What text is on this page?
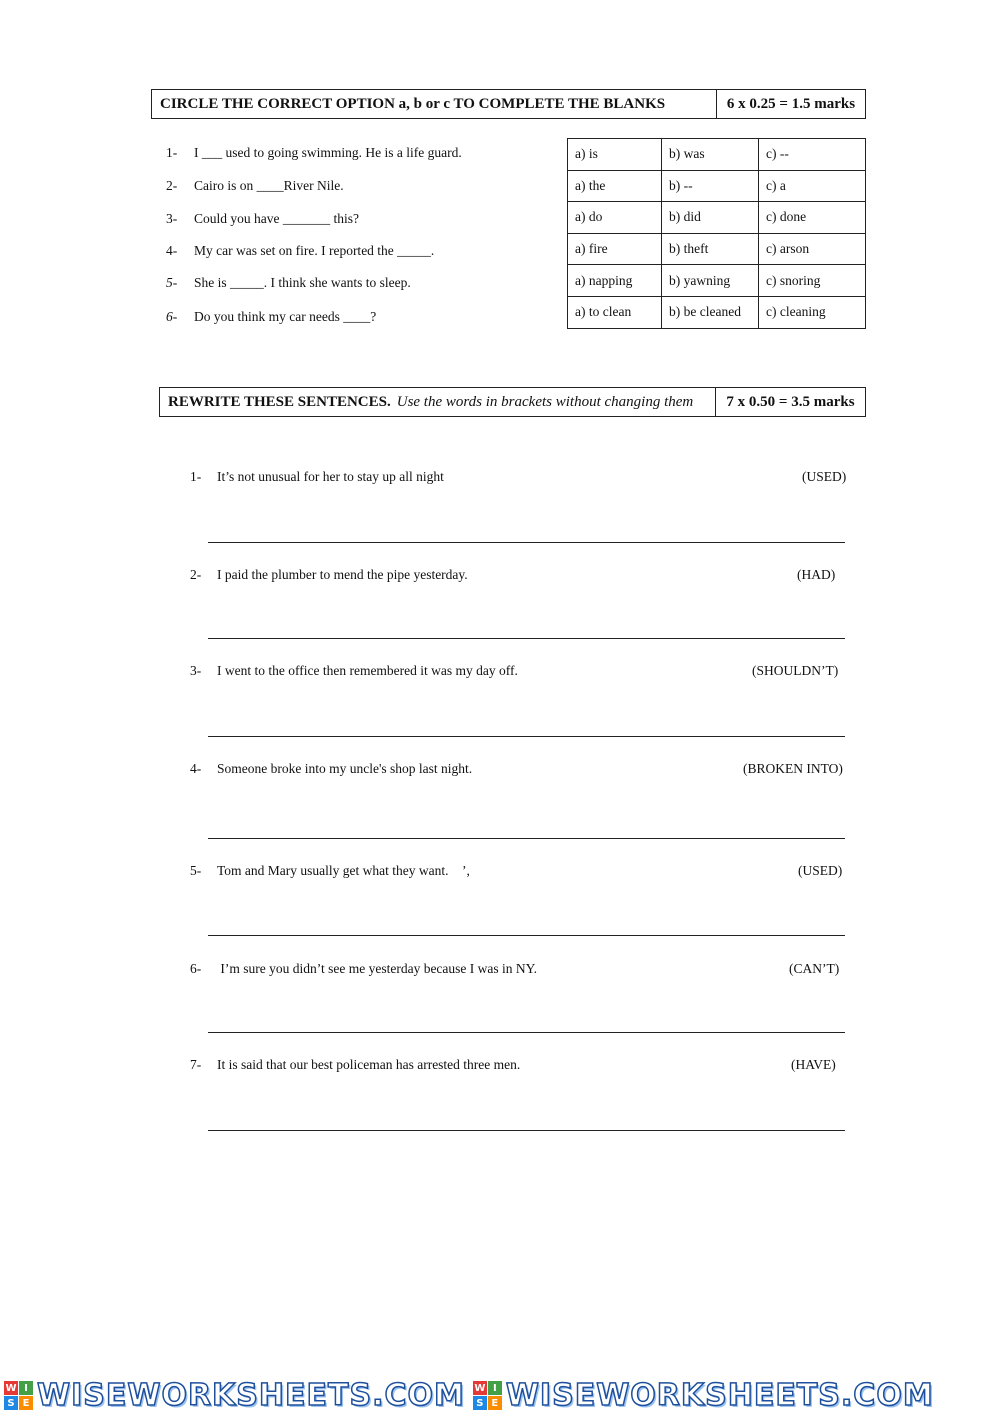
CIRCLE THE CORRECT OPTION a, b or c TO COMPLETE THE BLANKS	6 x 0.25 = 1.5 marks
1- I ___ used to going swimming. He is a life guard.
2- Cairo is on ____River Nile.
3- Could you have _______ this?
4- My car was set on fire. I reported the _____.
5- She is _____. I think she wants to sleep.
6- Do you think my car needs ____?
a) is	b) was	c) --
a) the	b) --	c) a
a) do	b) did	c) done
a) fire	b) theft	c) arson
a) napping	b) yawning	c) snoring
a) to clean	b) be cleaned	c) cleaning
REWRITE THESE SENTENCES. Use the words in brackets without changing them	7 x 0.50 = 3.5 marks
1- It’s not unusual for her to stay up all night	(USED)
2- I paid the plumber to mend the pipe yesterday.	(HAD)
3- I went to the office then remembered it was my day off.	(SHOULDN’T)
4- Someone broke into my uncle's shop last night.	(BROKEN INTO)
5- Tom and Mary usually get what they want.    ’,	(USED)
6- I’m sure you didn’t see me yesterday because I was in NY.	(CAN’T)
7- It is said that our best policeman has arrested three men.	(HAVE)
W I
S E WISEWORKSHEETS.COM W I
S E WISEWORKSHEETS.COM
